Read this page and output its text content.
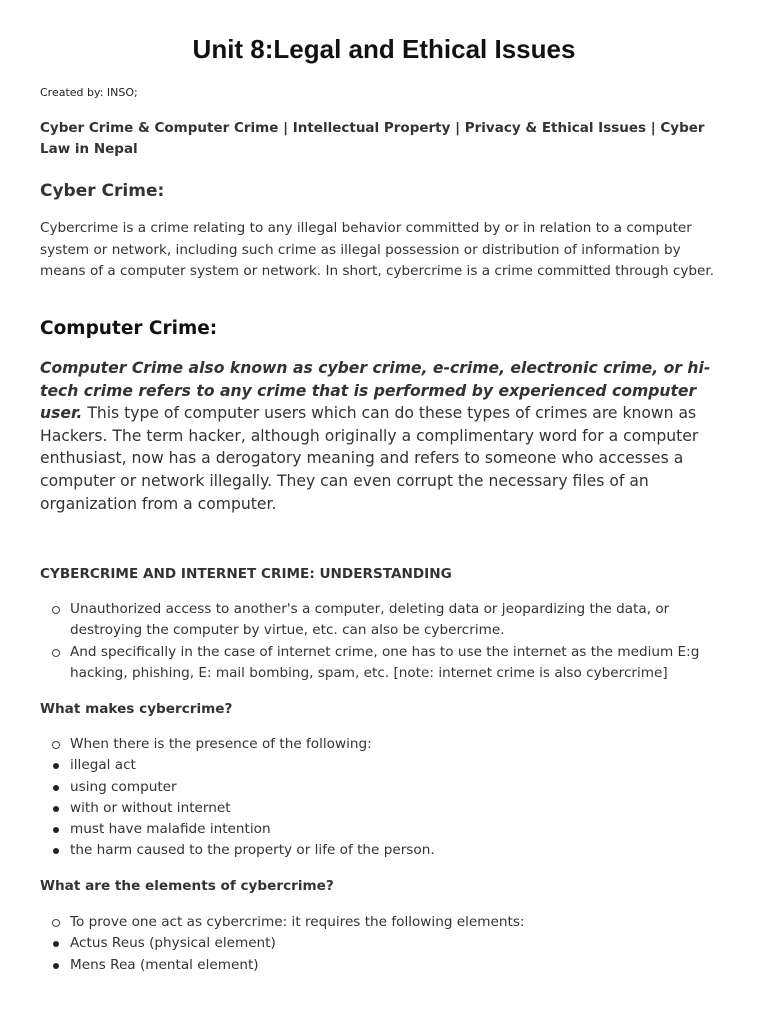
Unit 8:Legal and Ethical Issues
Created by: INSO;
Cyber Crime & Computer Crime | Intellectual Property | Privacy & Ethical Issues | Cyber Law in Nepal
Cyber Crime:

Cybercrime is a crime relating to any illegal behavior committed by or in relation to a computer system or network, including such crime as illegal possession or distribution of information by means of a computer system or network. In short, cybercrime is a crime committed through cyber.

Computer Crime:

Computer Crime also known as cyber crime, e-crime, electronic crime, or hi-tech crime refers to any crime that is performed by experienced computer user. This type of computer users which can do these types of crimes are known as Hackers. The term hacker, although originally a complimentary word for a computer enthusiast, now has a derogatory meaning and refers to someone who accesses a computer or network illegally. They can even corrupt the necessary files of an organization from a computer.

CYBERCRIME AND INTERNET CRIME: UNDERSTANDING
Unauthorized access to another's a computer, deleting data or jeopardizing the data, or destroying the computer by virtue, etc. can also be cybercrime.
And specifically in the case of internet crime, one has to use the internet as the medium E:g hacking, phishing, E: mail bombing, spam, etc. [note: internet crime is also cybercrime]
What makes cybercrime?
When there is the presence of the following:
illegal act
using computer
with or without internet
must have malafide intention
the harm caused to the property or life of the person.
What are the elements of cybercrime?
To prove one act as cybercrime: it requires the following elements:
Actus Reus (physical element)
Mens Rea (mental element)
